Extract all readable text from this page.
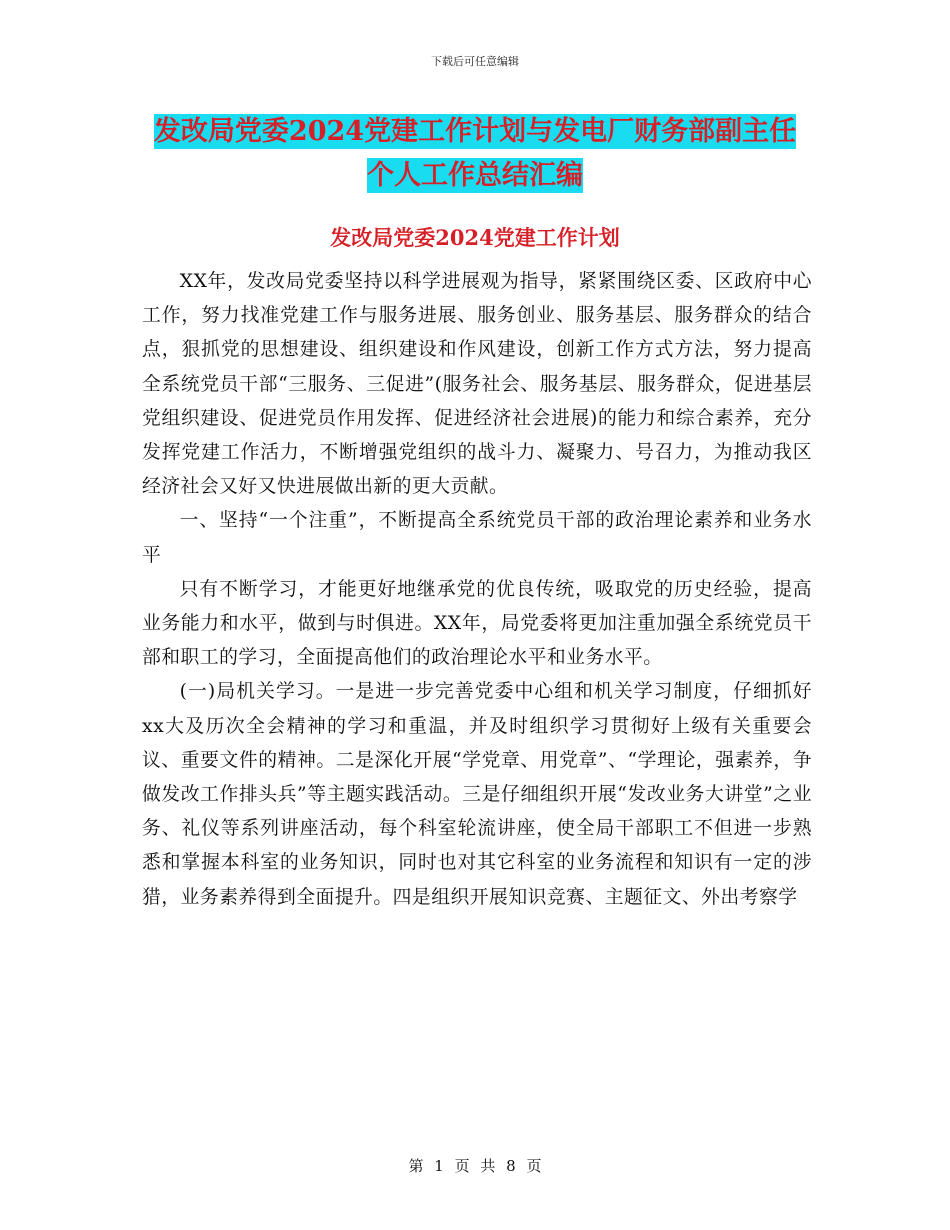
下载后可任意编辑
发改局党委2024党建工作计划与发电厂财务部副主任
个人工作总结汇编
发改局党委2024党建工作计划

XX年，发改局党委坚持以科学进展观为指导，紧紧围绕区委、区政府中心工作，努力找准党建工作与服务进展、服务创业、服务基层、服务群众的结合点，狠抓党的思想建设、组织建设和作风建设，创新工作方式方法，努力提高全系统党员干部“三服务、三促进”(服务社会、服务基层、服务群众，促进基层党组织建设、促进党员作用发挥、促进经济社会进展)的能力和综合素养，充分发挥党建工作活力，不断增强党组织的战斗力、凝聚力、号召力，为推动我区经济社会又好又快进展做出新的更大贡献。

一、坚持“一个注重”，不断提高全系统党员干部的政治理论素养和业务水平

只有不断学习，才能更好地继承党的优良传统，吸取党的历史经验，提高业务能力和水平，做到与时俱进。XX年，局党委将更加注重加强全系统党员干部和职工的学习，全面提高他们的政治理论水平和业务水平。

(一)局机关学习。一是进一步完善党委中心组和机关学习制度，仔细抓好xx大及历次全会精神的学习和重温，并及时组织学习贯彻好上级有关重要会议、重要文件的精神。二是深化开展“学党章、用党章”、“学理论，强素养，争做发改工作排头兵”等主题实践活动。三是仔细组织开展“发改业务大讲堂”之业务、礼仪等系列讲座活动，每个科室轮流讲座，使全局干部职工不但进一步熟悉和掌握本科室的业务知识，同时也对其它科室的业务流程和知识有一定的涉猎，业务素养得到全面提升。四是组织开展知识竞赛、主题征文、外出考察学

第 1 页 共 8 页
